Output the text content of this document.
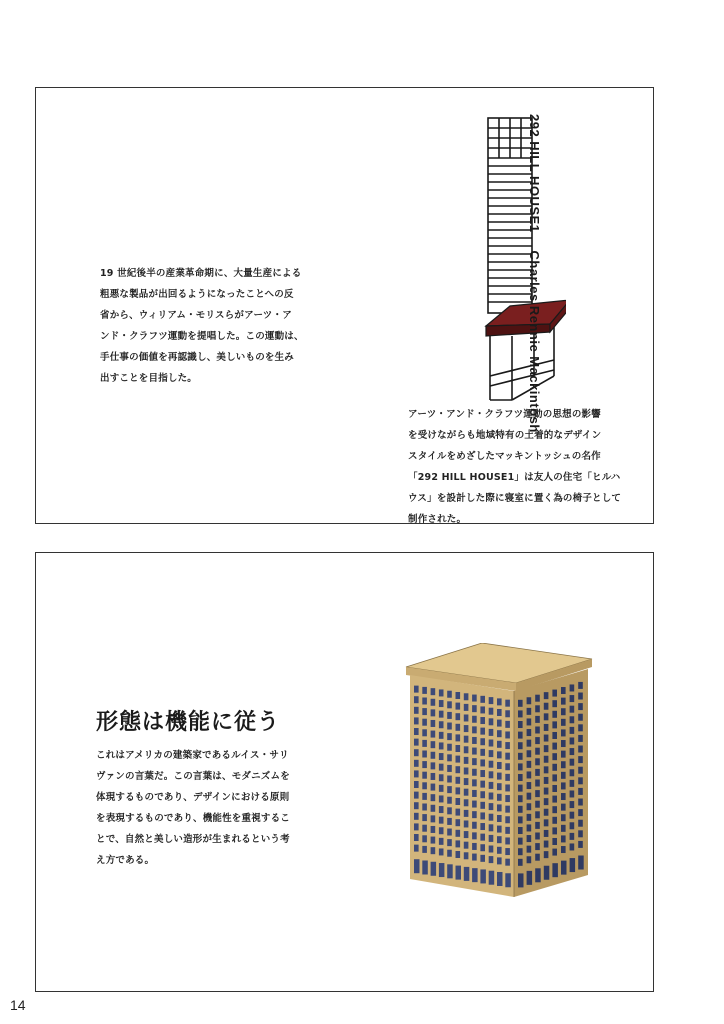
19 世紀後半の産業革命期に、大量生産による
粗悪な製品が出回るようになったことへの反
省から、ウィリアム・モリスらがアーツ・ア
ンド・クラフツ運動を提唱した。この運動は、
手仕事の価値を再認識し、美しいものを生み
出すことを目指した。
292 HILL HOUSE1Charles Rennie Mackintosh
アーツ・アンド・クラフツ運動の思想の影響
を受けながらも地域特有の土着的なデザイン
スタイルをめざしたマッキントッシュの名作
「292 HILL HOUSE1」は友人の住宅「ヒルハ
ウス」を設計した際に寝室に置く為の椅子として
制作された。
形態は機能に従う
これはアメリカの建築家であるルイス・サリ
ヴァンの言葉だ。この言葉は、モダニズムを
体現するものであり、デザインにおける原則
を表現するものであり、機能性を重視するこ
とで、自然と美しい造形が生まれるという考
え方である。
14
